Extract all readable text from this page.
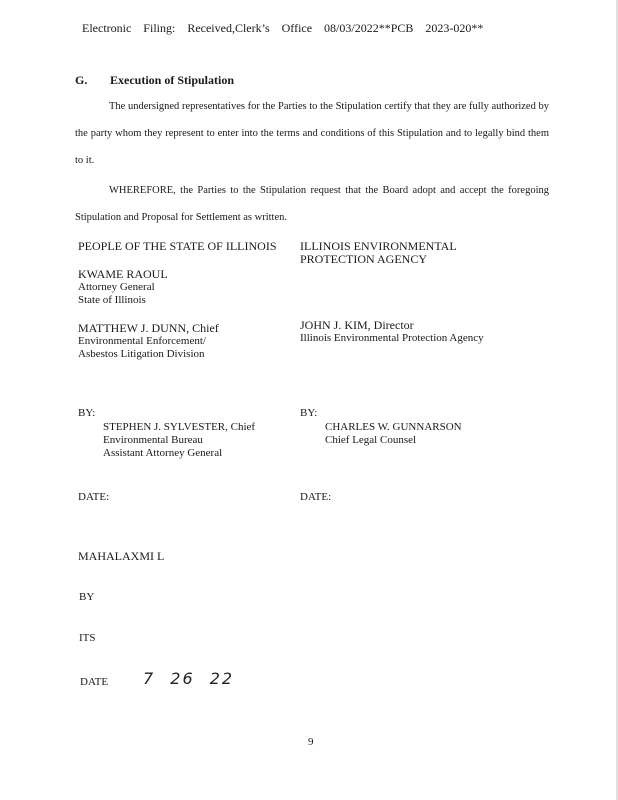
Electronic Filing: Received,Clerk’s Office 08/03/2022**PCB 2023-020**
G. Execution of Stipulation
The undersigned representatives for the Parties to the Stipulation certify that they are fully authorized by the party whom they represent to enter into the terms and conditions of this Stipulation and to legally bind them to it.
WHEREFORE, the Parties to the Stipulation request that the Board adopt and accept the foregoing Stipulation and Proposal for Settlement as written.
PEOPLE OF THE STATE OF ILLINOIS
KWAME RAOUL
Attorney General
State of Illinois
MATTHEW J. DUNN, Chief
Environmental Enforcement/
Asbestos Litigation Division
ILLINOIS ENVIRONMENTAL
PROTECTION AGENCY
JOHN J. KIM, Director
Illinois Environmental Protection Agency
BY:
STEPHEN J. SYLVESTER, Chief
Environmental Bureau
Assistant Attorney General
BY:
CHARLES W. GUNNARSON
Chief Legal Counsel
DATE:	DATE:
MAHALAXMI L
BY
ITS
DATE 7 26 22
9
